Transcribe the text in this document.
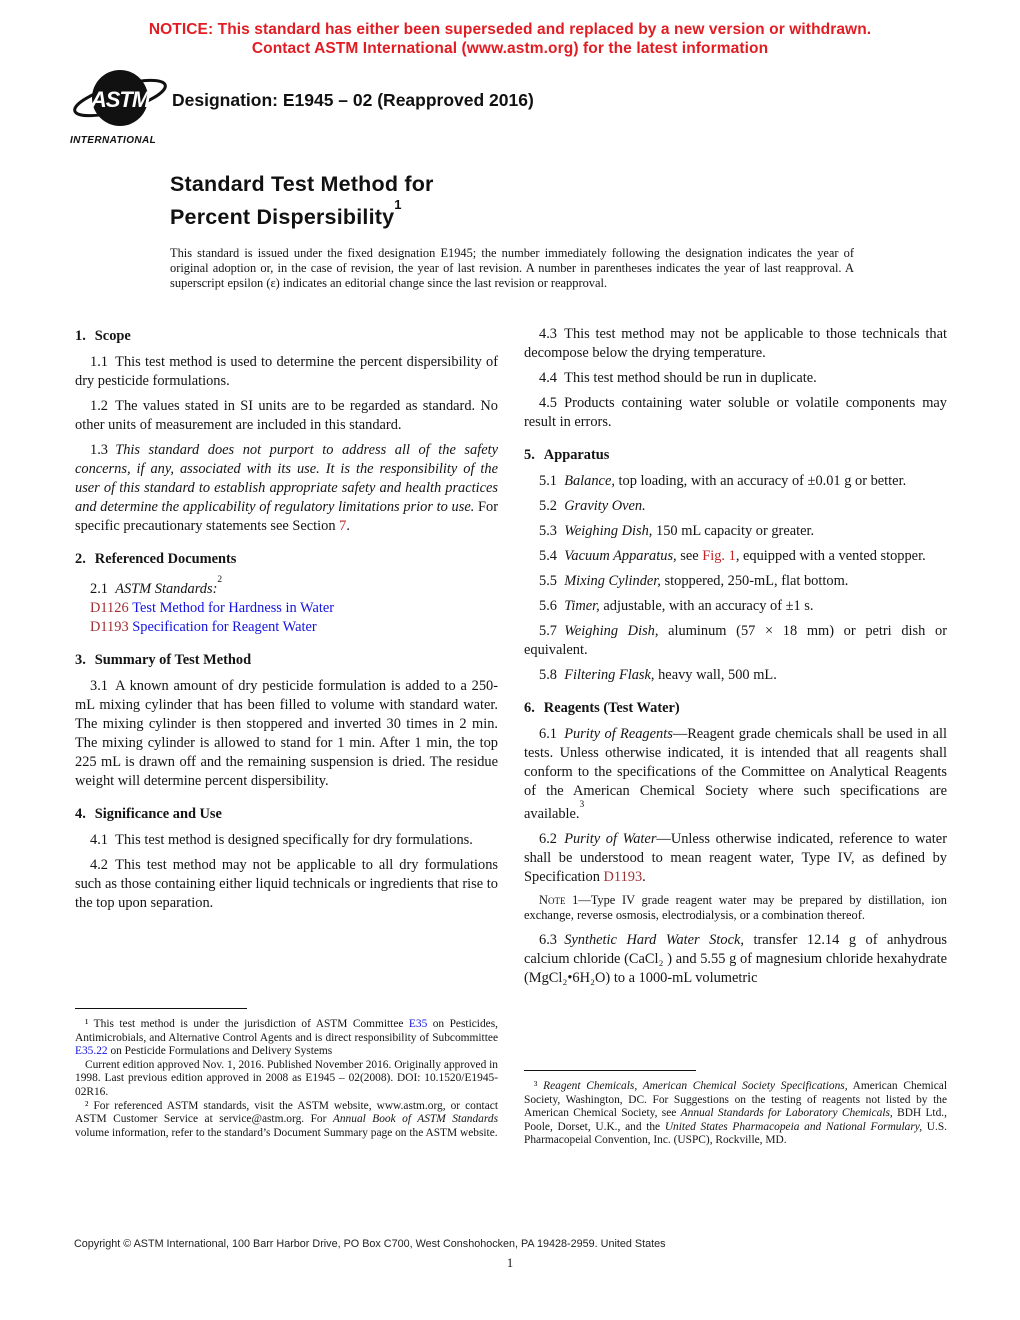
NOTICE: This standard has either been superseded and replaced by a new version or withdrawn.
Contact ASTM International (www.astm.org) for the latest information
ASTM
INTERNATIONAL
Designation: E1945 – 02 (Reapproved 2016)
Standard Test Method for
Percent Dispersibility$^1$
This standard is issued under the fixed designation E1945; the number immediately following the designation indicates the year of original adoption or, in the case of revision, the year of last revision. A number in parentheses indicates the year of last reapproval. A superscript epsilon (ε) indicates an editorial change since the last revision or reapproval.
1. Scope

1.1 This test method is used to determine the percent dispersibility of dry pesticide formulations.

1.2 The values stated in SI units are to be regarded as standard. No other units of measurement are included in this standard.

1.3 This standard does not purport to address all of the safety concerns, if any, associated with its use. It is the responsibility of the user of this standard to establish appropriate safety and health practices and determine the applicability of regulatory limitations prior to use. For specific precautionary statements see Section 7.

2. Referenced Documents

2.1 ASTM Standards:$^2$

D1126 Test Method for Hardness in Water

D1193 Specification for Reagent Water

3. Summary of Test Method

3.1 A known amount of dry pesticide formulation is added to a 250-mL mixing cylinder that has been filled to volume with standard water. The mixing cylinder is then stoppered and inverted 30 times in 2 min. The mixing cylinder is allowed to stand for 1 min. After 1 min, the top 225 mL is drawn off and the remaining suspension is dried. The residue weight will determine percent dispersibility.

4. Significance and Use

4.1 This test method is designed specifically for dry formulations.

4.2 This test method may not be applicable to all dry formulations such as those containing either liquid technicals or ingredients that rise to the top upon separation.

¹ This test method is under the jurisdiction of ASTM Committee E35 on Pesticides, Antimicrobials, and Alternative Control Agents and is direct responsibility of Subcommittee E35.22 on Pesticide Formulations and Delivery Systems

Current edition approved Nov. 1, 2016. Published November 2016. Originally approved in 1998. Last previous edition approved in 2008 as E1945 – 02(2008). DOI: 10.1520/E1945-02R16.

² For referenced ASTM standards, visit the ASTM website, www.astm.org, or contact ASTM Customer Service at service@astm.org. For Annual Book of ASTM Standards volume information, refer to the standard’s Document Summary page on the ASTM website.

4.3 This test method may not be applicable to those technicals that decompose below the drying temperature.

4.4 This test method should be run in duplicate.

4.5 Products containing water soluble or volatile components may result in errors.

5. Apparatus

5.1 Balance, top loading, with an accuracy of ±0.01 g or better.

5.2 Gravity Oven.

5.3 Weighing Dish, 150 mL capacity or greater.

5.4 Vacuum Apparatus, see Fig. 1, equipped with a vented stopper.

5.5 Mixing Cylinder, stoppered, 250-mL, flat bottom.

5.6 Timer, adjustable, with an accuracy of ±1 s.

5.7 Weighing Dish, aluminum (57 × 18 mm) or petri dish or equivalent.

5.8 Filtering Flask, heavy wall, 500 mL.

6. Reagents (Test Water)

6.1 Purity of Reagents—Reagent grade chemicals shall be used in all tests. Unless otherwise indicated, it is intended that all reagents shall conform to the specifications of the Committee on Analytical Reagents of the American Chemical Society where such specifications are available.$^3$

6.2 Purity of Water—Unless otherwise indicated, reference to water shall be understood to mean reagent water, Type IV, as defined by Specification D1193.

Note 1—Type IV grade reagent water may be prepared by distillation, ion exchange, reverse osmosis, electrodialysis, or a combination thereof.

6.3 Synthetic Hard Water Stock, transfer 12.14 g of anhydrous calcium chloride (CaCl₂ ) and 5.55 g of magnesium chloride hexahydrate (MgCl₂•6H₂O) to a 1000-mL volumetric

³ Reagent Chemicals, American Chemical Society Specifications, American Chemical Society, Washington, DC. For Suggestions on the testing of reagents not listed by the American Chemical Society, see Annual Standards for Laboratory Chemicals, BDH Ltd., Poole, Dorset, U.K., and the United States Pharmacopeia and National Formulary, U.S. Pharmacopeial Convention, Inc. (USPC), Rockville, MD.

Copyright © ASTM International, 100 Barr Harbor Drive, PO Box C700, West Conshohocken, PA 19428-2959. United States
1
